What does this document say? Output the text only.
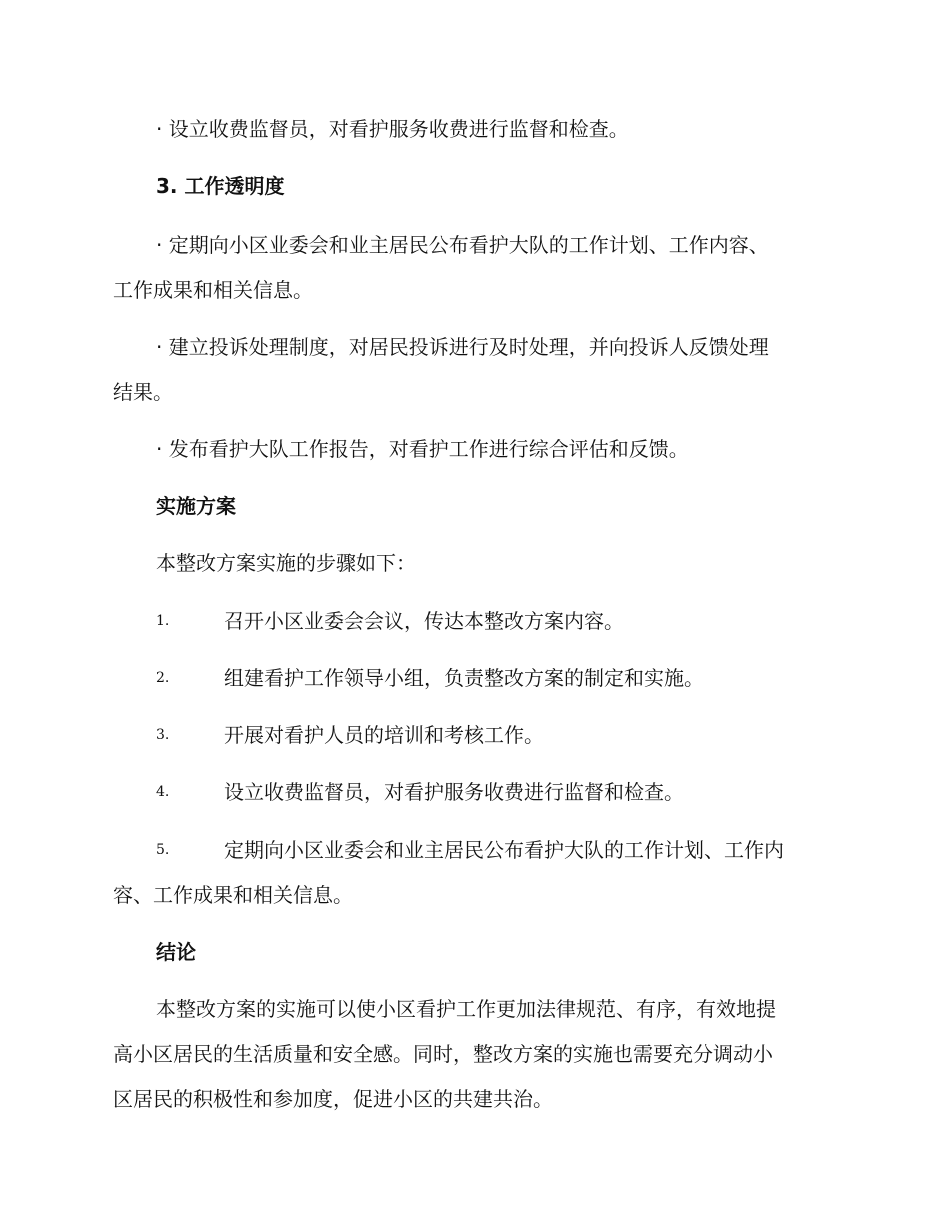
· 设立收费监督员，对看护服务收费进行监督和检查。
3. 工作透明度
· 定期向小区业委会和业主居民公布看护大队的工作计划、工作内容、
工作成果和相关信息。
· 建立投诉处理制度，对居民投诉进行及时处理，并向投诉人反馈处理
结果。
· 发布看护大队工作报告，对看护工作进行综合评估和反馈。
实施方案
本整改方案实施的步骤如下：
1.	召开小区业委会会议，传达本整改方案内容。
2.	组建看护工作领导小组，负责整改方案的制定和实施。
3.	开展对看护人员的培训和考核工作。
4.	设立收费监督员，对看护服务收费进行监督和检查。
5.	定期向小区业委会和业主居民公布看护大队的工作计划、工作内
容、工作成果和相关信息。
结论
本整改方案的实施可以使小区看护工作更加法律规范、有序，有效地提
高小区居民的生活质量和安全感。同时，整改方案的实施也需要充分调动小
区居民的积极性和参加度，促进小区的共建共治。
